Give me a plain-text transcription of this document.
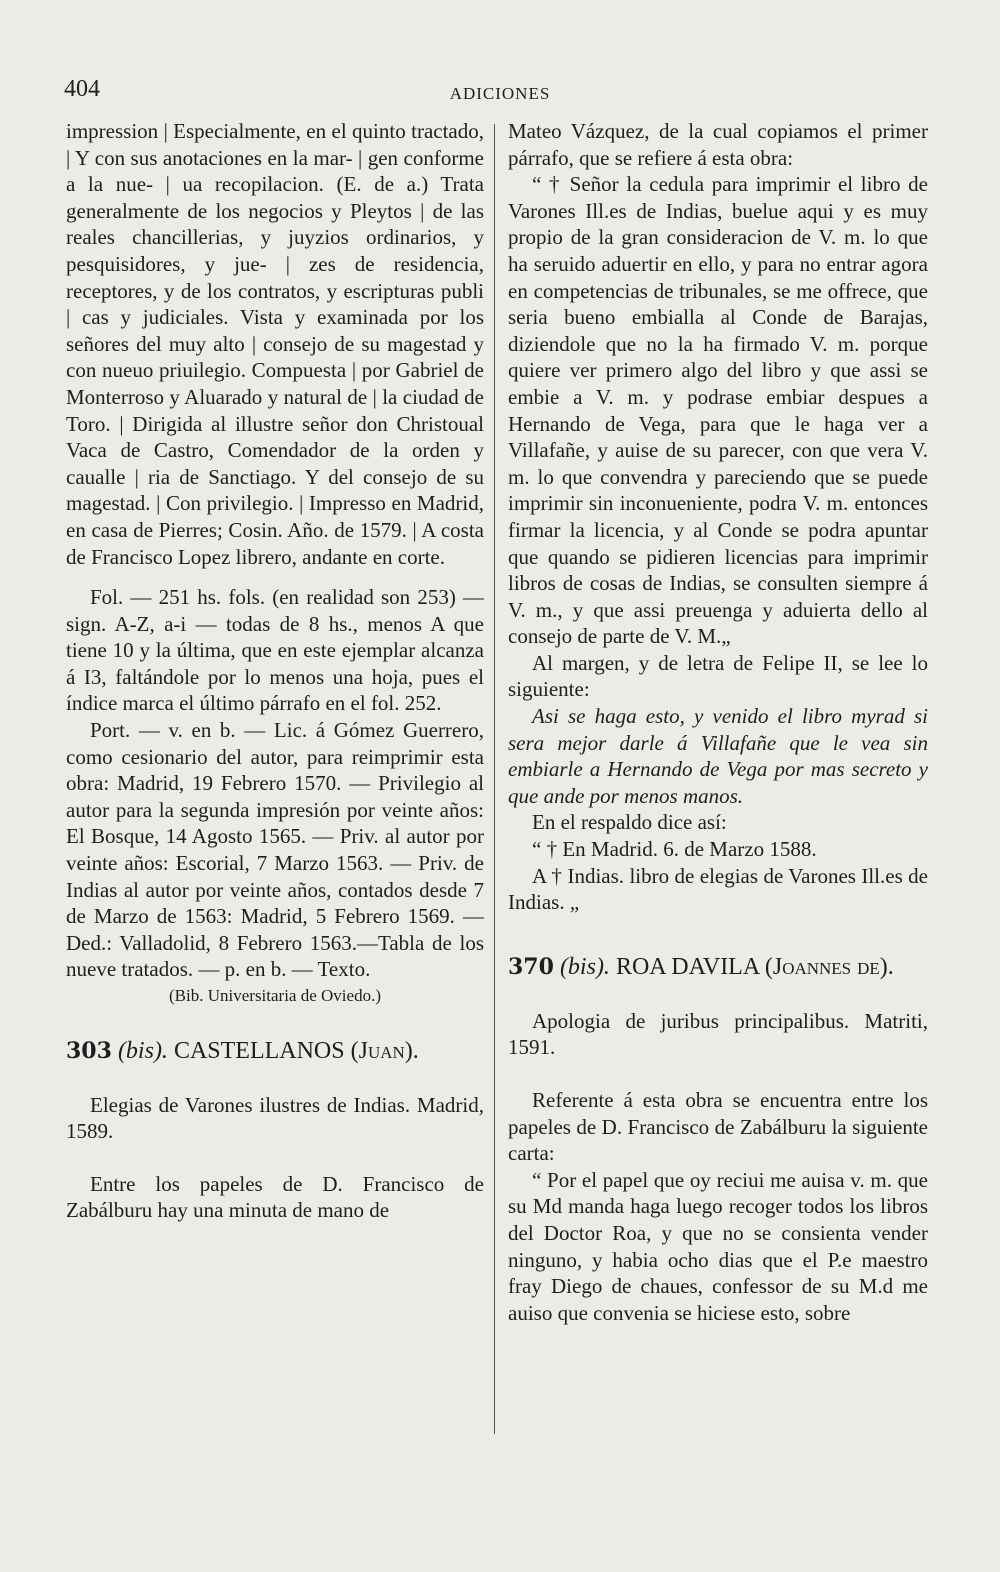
404	ADICIONES

impression | Especialmente, en el quinto tractado, | Y con sus anotaciones en la mar- | gen conforme a la nue- | ua recopilacion. (E. de a.) Trata generalmente de los negocios y Pleytos | de las reales chancillerias, y juyzios ordinarios, y pesquisidores, y jue- | zes de residencia, receptores, y de los contratos, y escripturas publi | cas y judiciales. Vista y examinada por los señores del muy alto | consejo de su magestad y con nueuo priuilegio. Compuesta | por Gabriel de Monterroso y Aluarado y natural de | la ciudad de Toro. | Dirigida al illustre señor don Christoual Vaca de Castro, Comendador de la orden y caualle | ria de Sanctiago. Y del consejo de su magestad. | Con privilegio. | Impresso en Madrid, en casa de Pierres; Cosin. Año. de 1579. | A costa de Francisco Lopez librero, andante en corte.

Fol. — 251 hs. fols. (en realidad son 253) — sign. A-Z, a-i — todas de 8 hs., menos A que tiene 10 y la última, que en este ejemplar alcanza á I3, faltándole por lo menos una hoja, pues el índice marca el último párrafo en el fol. 252.

Port. — v. en b. — Lic. á Gómez Guerrero, como cesionario del autor, para reimprimir esta obra: Madrid, 19 Febrero 1570. — Privilegio al autor para la segunda impresión por veinte años: El Bosque, 14 Agosto 1565. — Priv. al autor por veinte años: Escorial, 7 Marzo 1563. — Priv. de Indias al autor por veinte años, contados desde 7 de Marzo de 1563: Madrid, 5 Febrero 1569. — Ded.: Valladolid, 8 Febrero 1563.—Tabla de los nueve tratados. — p. en b. — Texto.

(Bib. Universitaria de Oviedo.)

303 (bis). CASTELLANOS (Juan).

Elegias de Varones ilustres de Indias. Madrid, 1589.

Entre los papeles de D. Francisco de Zabálburu hay una minuta de mano de

Mateo Vázquez, de la cual copiamos el primer párrafo, que se refiere á esta obra:

“ † Señor la cedula para imprimir el libro de Varones Ill.es de Indias, buelue aqui y es muy propio de la gran consideracion de V. m. lo que ha seruido aduertir en ello, y para no entrar agora en competencias de tribunales, se me offrece, que seria bueno embialla al Conde de Barajas, diziendole que no la ha firmado V. m. porque quiere ver primero algo del libro y que assi se embie a V. m. y podrase embiar despues a Hernando de Vega, para que le haga ver a Villafañe, y auise de su parecer, con que vera V. m. lo que convendra y pareciendo que se puede imprimir sin inconueniente, podra V. m. entonces firmar la licencia, y al Conde se podra apuntar que quando se pidieren licencias para imprimir libros de cosas de Indias, se consulten siempre á V. m., y que assi preuenga y aduierta dello al consejo de parte de V. M.„

Al margen, y de letra de Felipe II, se lee lo siguiente:

Asi se haga esto, y venido el libro myrad si sera mejor darle á Villafañe que le vea sin embiarle a Hernando de Vega por mas secreto y que ande por menos manos.

En el respaldo dice así:

“ † En Madrid. 6. de Marzo 1588.

A † Indias. libro de elegias de Varones Ill.es de Indias. „

370 (bis). ROA DAVILA (Joannes de).

Apologia de juribus principalibus. Matriti, 1591.

Referente á esta obra se encuentra entre los papeles de D. Francisco de Zabálburu la siguiente carta:

“ Por el papel que oy reciui me auisa v. m. que su Md manda haga luego recoger todos los libros del Doctor Roa, y que no se consienta vender ninguno, y habia ocho dias que el P.e maestro fray Diego de chaues, confessor de su M.d me auiso que convenia se hiciese esto, sobre
